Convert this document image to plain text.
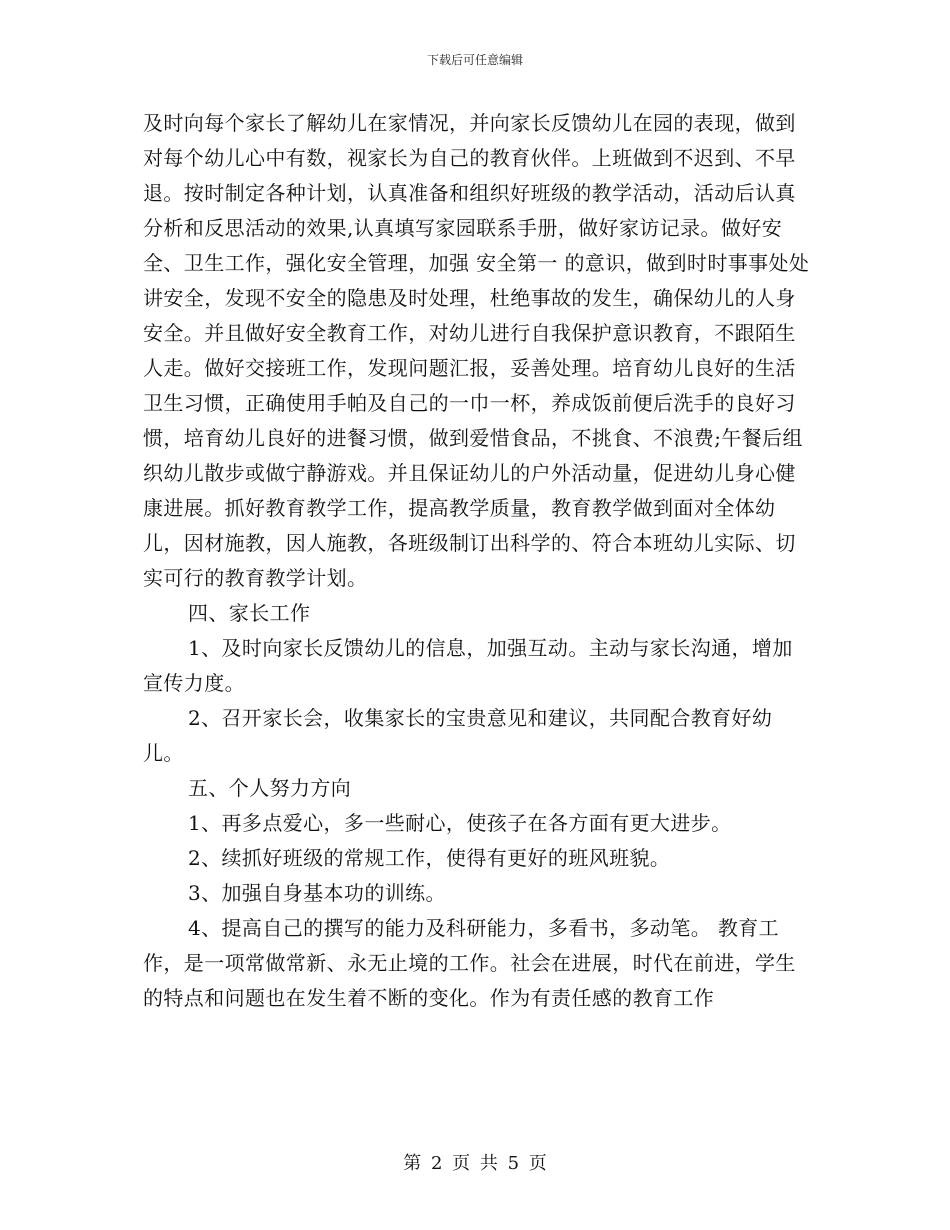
下载后可任意编辑

及时向每个家长了解幼儿在家情况，并向家长反馈幼儿在园的表现，做到对每个幼儿心中有数，视家长为自己的教育伙伴。上班做到不迟到、不早退。按时制定各种计划，认真准备和组织好班级的教学活动，活动后认真分析和反思活动的效果,认真填写家园联系手册，做好家访记录。做好安全、卫生工作，强化安全管理，加强 安全第一 的意识，做到时时事事处处讲安全，发现不安全的隐患及时处理，杜绝事故的发生，确保幼儿的人身安全。并且做好安全教育工作，对幼儿进行自我保护意识教育，不跟陌生人走。做好交接班工作，发现问题汇报，妥善处理。培育幼儿良好的生活卫生习惯，正确使用手帕及自己的一巾一杯，养成饭前便后洗手的良好习惯，培育幼儿良好的进餐习惯，做到爱惜食品，不挑食、不浪费;午餐后组织幼儿散步或做宁静游戏。并且保证幼儿的户外活动量，促进幼儿身心健康进展。抓好教育教学工作，提高教学质量，教育教学做到面对全体幼儿，因材施教，因人施教，各班级制订出科学的、符合本班幼儿实际、切实可行的教育教学计划。

四、家长工作

1、及时向家长反馈幼儿的信息，加强互动。主动与家长沟通，增加宣传力度。

2、召开家长会，收集家长的宝贵意见和建议，共同配合教育好幼儿。

五、个人努力方向

1、再多点爱心，多一些耐心，使孩子在各方面有更大进步。

2、续抓好班级的常规工作，使得有更好的班风班貌。

3、加强自身基本功的训练。

4、提高自己的撰写的能力及科研能力，多看书，多动笔。 教育工作，是一项常做常新、永无止境的工作。社会在进展，时代在前进，学生的特点和问题也在发生着不断的变化。作为有责任感的教育工作

第 2 页 共 5 页
